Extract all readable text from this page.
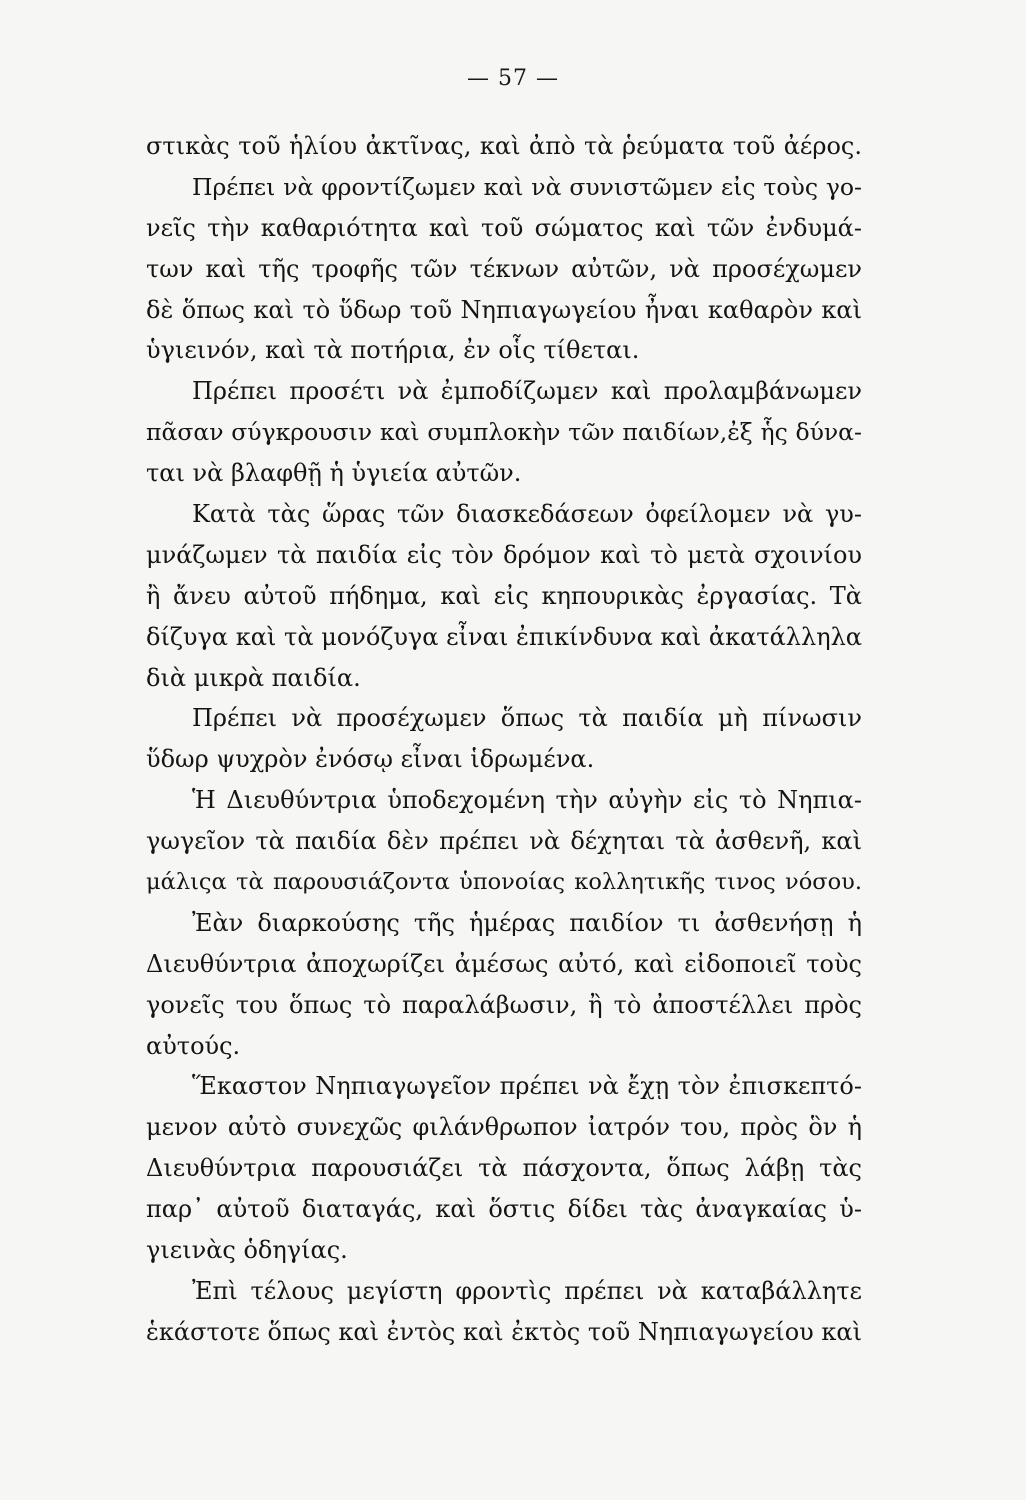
— 57 —
στικὰς τοῦ ἡλίου ἀκτῖνας, καὶ ἀπὸ τὰ ῥεύματα τοῦ ἀέρος.
Πρέπει νὰ φροντίζωμεν καὶ νὰ συνιστῶμεν εἰς τοὺς γο-
νεῖς τὴν καθαριότητα καὶ τοῦ σώματος καὶ τῶν ἐνδυμά-
των καὶ τῆς τροφῆς τῶν τέκνων αὐτῶν, νὰ προσέχωμεν
δὲ ὅπως καὶ τὸ ὕδωρ τοῦ Νηπιαγωγείου ἦναι καθαρὸν καὶ
ὑγιεινόν, καὶ τὰ ποτήρια, ἐν οἷς τίθεται.
Πρέπει προσέτι νὰ ἐμποδίζωμεν καὶ προλαμβάνωμεν
πᾶσαν σύγκρουσιν καὶ συμπλοκὴν τῶν παιδίων,ἐξ ἧς δύνα-
ται νὰ βλαφθῇ ἡ ὑγιεία αὐτῶν.
Κατὰ τὰς ὥρας τῶν διασκεδάσεων ὀφείλομεν νὰ γυ-
μνάζωμεν τὰ παιδία εἰς τὸν δρόμον καὶ τὸ μετὰ σχοινίου
ἢ ἄνευ αὐτοῦ πήδημα, καὶ εἰς κηπουρικὰς ἐργασίας. Τὰ
δίζυγα καὶ τὰ μονόζυγα εἶναι ἐπικίνδυνα καὶ ἀκατάλληλα
διὰ μικρὰ παιδία.
Πρέπει νὰ προσέχωμεν ὅπως τὰ παιδία μὴ πίνωσιν
ὕδωρ ψυχρὸν ἐνόσῳ εἶναι ἱδρωμένα.
Ἡ Διευθύντρια ὑποδεχομένη τὴν αὐγὴν εἰς τὸ Νηπια-
γωγεῖον τὰ παιδία δὲν πρέπει νὰ δέχηται τὰ ἀσθενῆ, καὶ
μάλιςα τὰ παρουσιάζοντα ὑπονοίας κολλητικῆς τινος νόσου.
Ἐὰν διαρκούσης τῆς ἡμέρας παιδίον τι ἀσθενήσῃ ἡ
Διευθύντρια ἀποχωρίζει ἀμέσως αὐτό, καὶ εἰδοποιεῖ τοὺς
γονεῖς του ὅπως τὸ παραλάβωσιν, ἢ τὸ ἀποστέλλει πρὸς
αὐτούς.
Ἕκαστον Νηπιαγωγεῖον πρέπει νὰ ἔχῃ τὸν ἐπισκεπτό-
μενον αὐτὸ συνεχῶς φιλάνθρωπον ἰατρόν του, πρὸς ὃν ἡ
Διευθύντρια παρουσιάζει τὰ πάσχοντα, ὅπως λάβῃ τὰς
παρ᾽ αὐτοῦ διαταγάς, καὶ ὅστις δίδει τὰς ἀναγκαίας ὑ-
γιεινὰς ὁδηγίας.
Ἐπὶ τέλους μεγίστη φροντὶς πρέπει νὰ καταβάλλητε
ἑκάστοτε ὅπως καὶ ἐντὸς καὶ ἐκτὸς τοῦ Νηπιαγωγείου καὶ
